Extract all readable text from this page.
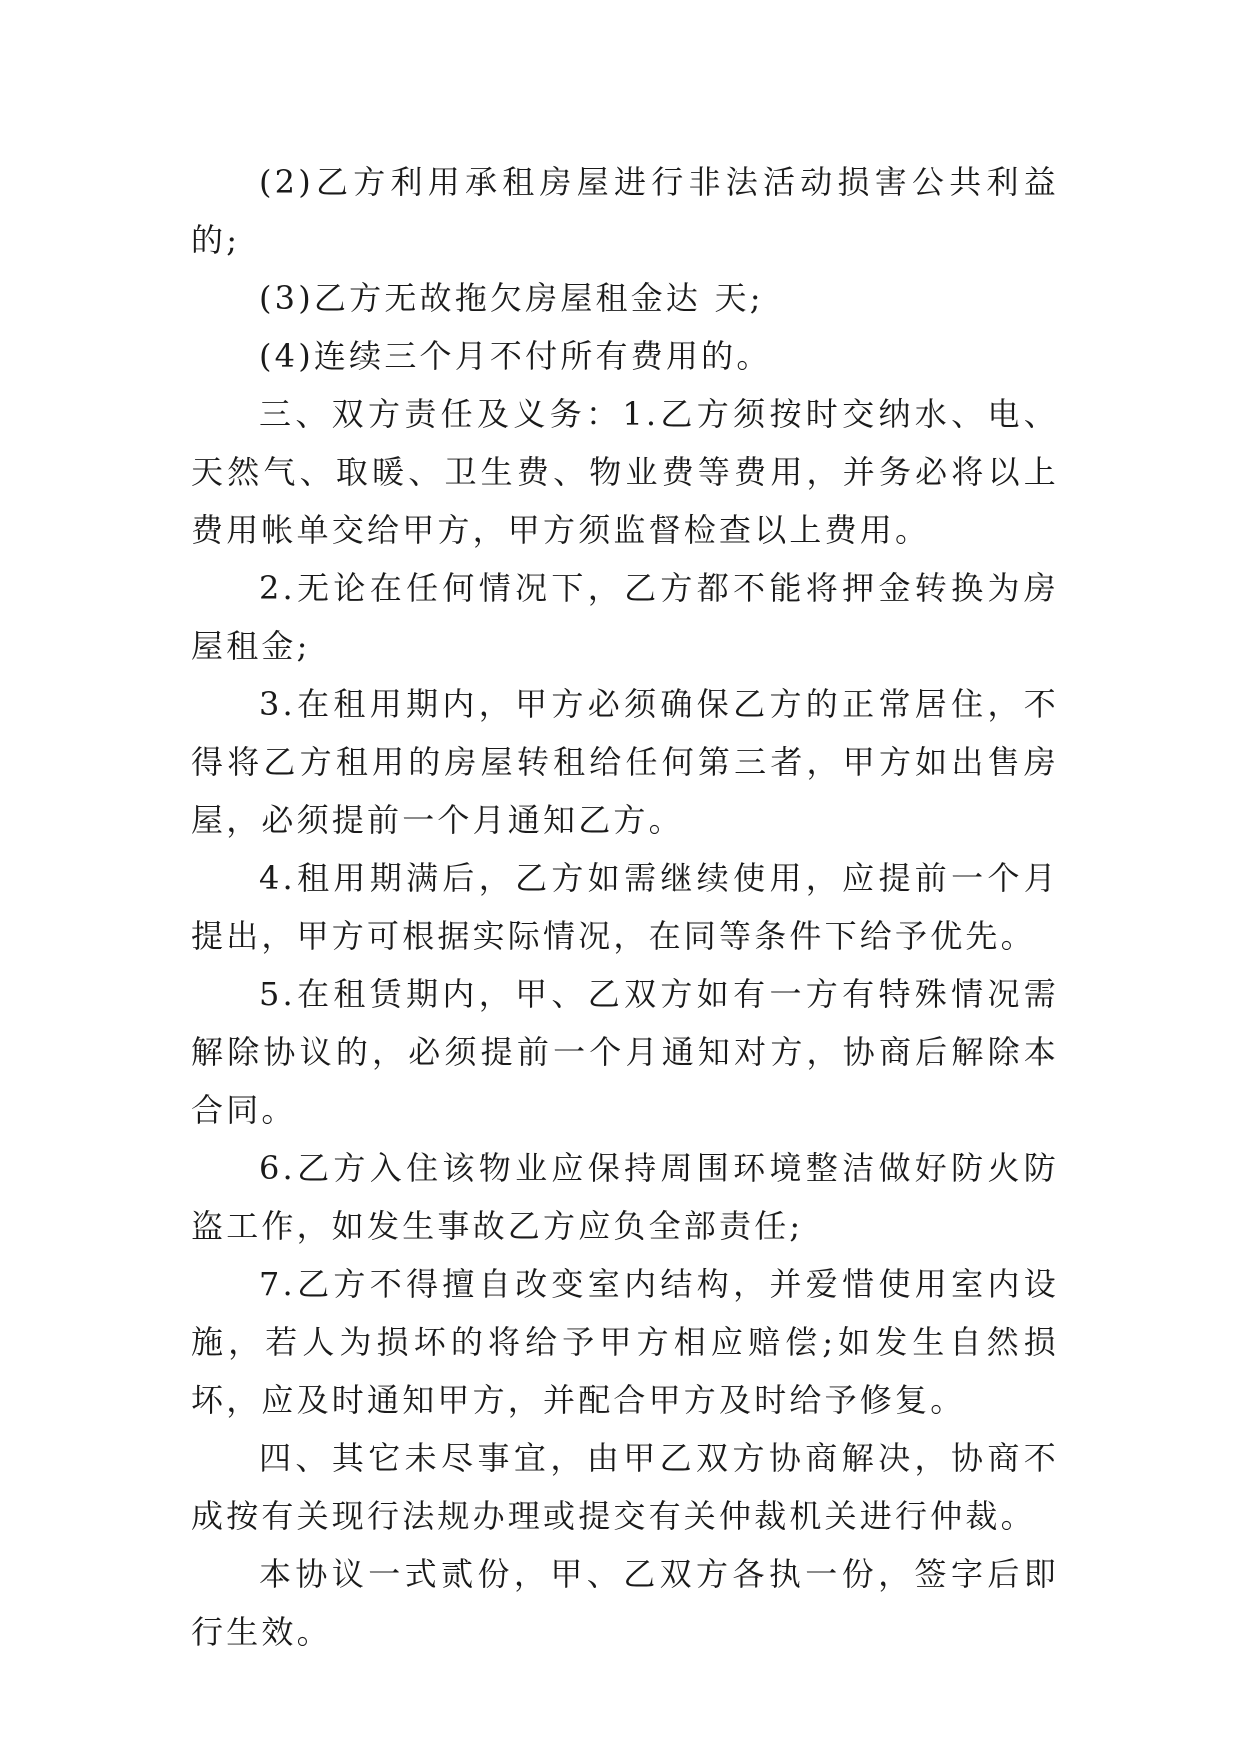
(2)乙方利用承租房屋进行非法活动损害公共利益的;

(3)乙方无故拖欠房屋租金达 天;

(4)连续三个月不付所有费用的。

三、双方责任及义务：1.乙方须按时交纳水、电、天然气、取暖、卫生费、物业费等费用，并务必将以上费用帐单交给甲方，甲方须监督检查以上费用。

2.无论在任何情况下，乙方都不能将押金转换为房屋租金;

3.在租用期内，甲方必须确保乙方的正常居住，不得将乙方租用的房屋转租给任何第三者，甲方如出售房屋，必须提前一个月通知乙方。

4.租用期满后，乙方如需继续使用，应提前一个月提出，甲方可根据实际情况，在同等条件下给予优先。

5.在租赁期内，甲、乙双方如有一方有特殊情况需解除协议的，必须提前一个月通知对方，协商后解除本合同。

6.乙方入住该物业应保持周围环境整洁做好防火防盗工作，如发生事故乙方应负全部责任;

7.乙方不得擅自改变室内结构，并爱惜使用室内设施，若人为损坏的将给予甲方相应赔偿;如发生自然损坏，应及时通知甲方，并配合甲方及时给予修复。

四、其它未尽事宜，由甲乙双方协商解决，协商不成按有关现行法规办理或提交有关仲裁机关进行仲裁。

本协议一式贰份，甲、乙双方各执一份，签字后即行生效。
